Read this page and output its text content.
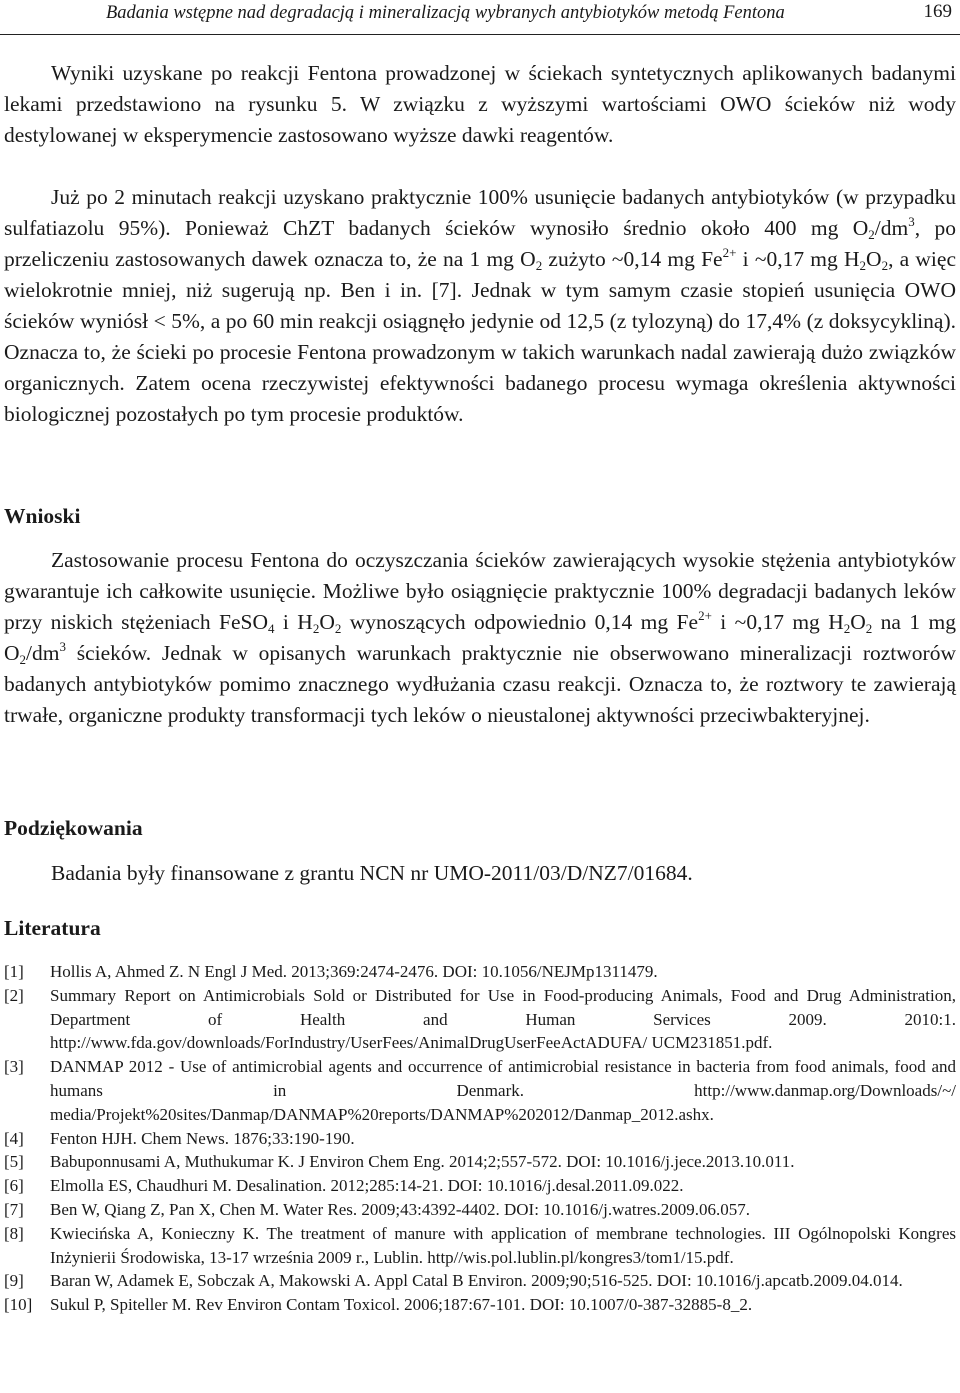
Badania wstępne nad degradacją i mineralizacją wybranych antybiotyków metodą Fentona	169

Wyniki uzyskane po reakcji Fentona prowadzonej w ściekach syntetycznych aplikowanych badanymi lekami przedstawiono na rysunku 5. W związku z wyższymi wartościami OWO ścieków niż wody destylowanej w eksperymencie zastosowano wyższe dawki reagentów.

Już po 2 minutach reakcji uzyskano praktycznie 100% usunięcie badanych antybiotyków (w przypadku sulfatiazolu 95%). Ponieważ ChZT badanych ścieków wynosiło średnio około 400 mg $O_2/dm^3$, po przeliczeniu zastosowanych dawek oznacza to, że na 1 mg $O_2$ zużyto ~0,14 mg $Fe^{2+}$ i ~0,17 mg $H_2O_2$, a więc wielokrotnie mniej, niż sugerują np. Ben i in. [7]. Jednak w tym samym czasie stopień usunięcia OWO ścieków wyniósł < 5%, a po 60 min reakcji osiągnęło jedynie od 12,5 (z tylozyną) do 17,4% (z doksycykliną). Oznacza to, że ścieki po procesie Fentona prowadzonym w takich warunkach nadal zawierają dużo związków organicznych. Zatem ocena rzeczywistej efektywności badanego procesu wymaga określenia aktywności biologicznej pozostałych po tym procesie produktów.

Wnioski

Zastosowanie procesu Fentona do oczyszczania ścieków zawierających wysokie stężenia antybiotyków gwarantuje ich całkowite usunięcie. Możliwe było osiągnięcie praktycznie 100% degradacji badanych leków przy niskich stężeniach FeSO$_4$ i $H_2O_2$ wynoszących odpowiednio 0,14 mg $Fe^{2+}$ i ~0,17 mg $H_2O_2$ na 1 mg $O_2/dm^3$ ścieków. Jednak w opisanych warunkach praktycznie nie obserwowano mineralizacji roztworów badanych antybiotyków pomimo znacznego wydłużania czasu reakcji. Oznacza to, że roztwory te zawierają trwałe, organiczne produkty transformacji tych leków o nieustalonej aktywności przeciwbakteryjnej.

Podziękowania

Badania były finansowane z grantu NCN nr UMO-2011/03/D/NZ7/01684.

Literatura
[1] Hollis A, Ahmed Z. N Engl J Med. 2013;369:2474-2476. DOI: 10.1056/NEJMp1311479.
[2] Summary Report on Antimicrobials Sold or Distributed for Use in Food-producing Animals, Food and Drug Administration, Department of Health and Human Services 2009. 2010:1. http://www.fda.gov/downloads/ForIndustry/UserFees/AnimalDrugUserFeeActADUFA/ UCM231851.pdf.
[3] DANMAP 2012 - Use of antimicrobial agents and occurrence of antimicrobial resistance in bacteria from food animals, food and humans in Denmark. http://www.danmap.org/Downloads/~/ media/Projekt%20sites/Danmap/DANMAP%20reports/DANMAP%202012/Danmap_2012.ashx.
[4] Fenton HJH. Chem News. 1876;33:190-190.
[5] Babuponnusami A, Muthukumar K. J Environ Chem Eng. 2014;2;557-572. DOI: 10.1016/j.jece.2013.10.011.
[6] Elmolla ES, Chaudhuri M. Desalination. 2012;285:14-21. DOI: 10.1016/j.desal.2011.09.022.
[7] Ben W, Qiang Z, Pan X, Chen M. Water Res. 2009;43:4392-4402. DOI: 10.1016/j.watres.2009.06.057.
[8] Kwiecińska A, Konieczny K. The treatment of manure with application of membrane technologies. III Ogólnopolski Kongres Inżynierii Środowiska, 13-17 września 2009 r., Lublin. http//wis.pol.lublin.pl/kongres3/tom1/15.pdf.
[9] Baran W, Adamek E, Sobczak A, Makowski A. Appl Catal B Environ. 2009;90;516-525. DOI: 10.1016/j.apcatb.2009.04.014.
[10] Sukul P, Spiteller M. Rev Environ Contam Toxicol. 2006;187:67-101. DOI: 10.1007/0-387-32885-8_2.
